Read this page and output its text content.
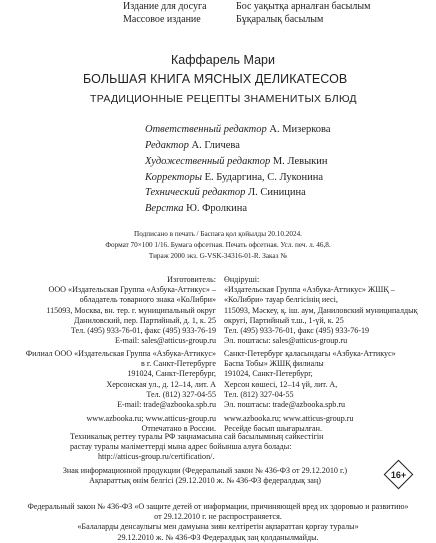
Издание для досуга	Бос уақытқа арналған басылым
Массовое издание	Бұқаралық басылым
Каффарель Мари
БОЛЬШАЯ КНИГА МЯСНЫХ ДЕЛИКАТЕСОВ
ТРАДИЦИОННЫЕ РЕЦЕПТЫ ЗНАМЕНИТЫХ БЛЮД
Ответственный редактор А. Мизеркова
Редактор А. Гличева
Художественный редактор М. Левыкин
Корректоры Е. Бударгина, С. Луконина
Технический редактор Л. Синицина
Верстка Ю. Фролкина
Подписано в печать / Баспаға қол қойылды 20.10.2024.
Формат 70×100 1/16. Бумага офсетная. Печать офсетная. Усл. печ. л. 46,8.
Тираж 2000 экз. G-VSK-34316-01-R. Заказ №
Изготовитель:
ООО «Издательская Группа «Азбука-Аттикус» –
обладатель товарного знака «КоЛибри»
115093, Москва, вн. тер. г. муниципальный округ
Даниловский, пер. Партийный, д. 1, к. 25
Тел. (495) 933-76-01, факс (495) 933-76-19
E-mail: sales@atticus-group.ru
Өндіруші:
«Издательская Группа «Азбука-Аттикус» ЖШҚ –
«КоЛибри» тауар белгісінің иесі,
115093, Мәскеу, қ. іш. аум, Даниловский муниципалдық
округі, Партийный т.ш., 1-үй, к. 25
Тел. (495) 933-76-01, факс (495) 933-76-19
Эл. поштасы: sales@atticus-group.ru
Филиал ООО «Издательская Группа «Азбука-Аттикус»
в г. Санкт-Петербурге
191024, Санкт-Петербург,
Херсонская ул., д. 12–14, лит. А
Тел. (812) 327-04-55
E-mail: trade@azbooka.spb.ru
www.azbooka.ru; www.atticus-group.ru
Отпечатано в России.
Санкт-Петербург қаласындағы «Азбука-Аттикус»
Баспа Тобы» ЖШҚ филиалы
191024, Санкт-Петербург,
Херсон көшесі, 12–14 үй, лит. А,
Тел. (812) 327-04-55
Эл. поштасы: trade@azbooka.spb.ru
www.azbooka.ru; www.atticus-group.ru
Ресейде басып шығарылған.
Техникалық реттеу туралы РФ заңнамасына сай басылымның сәйкестігін
растау туралы мәліметтерді мына адрес бойынша алуға болады:
http://atticus-group.ru/certification/.
Знак информационной продукции (Федеральный закон № 436-ФЗ от 29.12.2010 г.)
Ақпараттық өнім белгісі (29.12.2010 ж. № 436-ФЗ федералдық заң)
16+
Федеральный закон № 436-ФЗ «О защите детей от информации, причиняющей вред их здоровью и развитию»
от 29.12.2010 г. не распространяется.
«Балаларды денсаулығы мен дамуына зиян келтіретін ақпараттан қорғау туралы»
29.12.2010 ж. № 436-ФЗ Федералдық заң қолданылмайды.
